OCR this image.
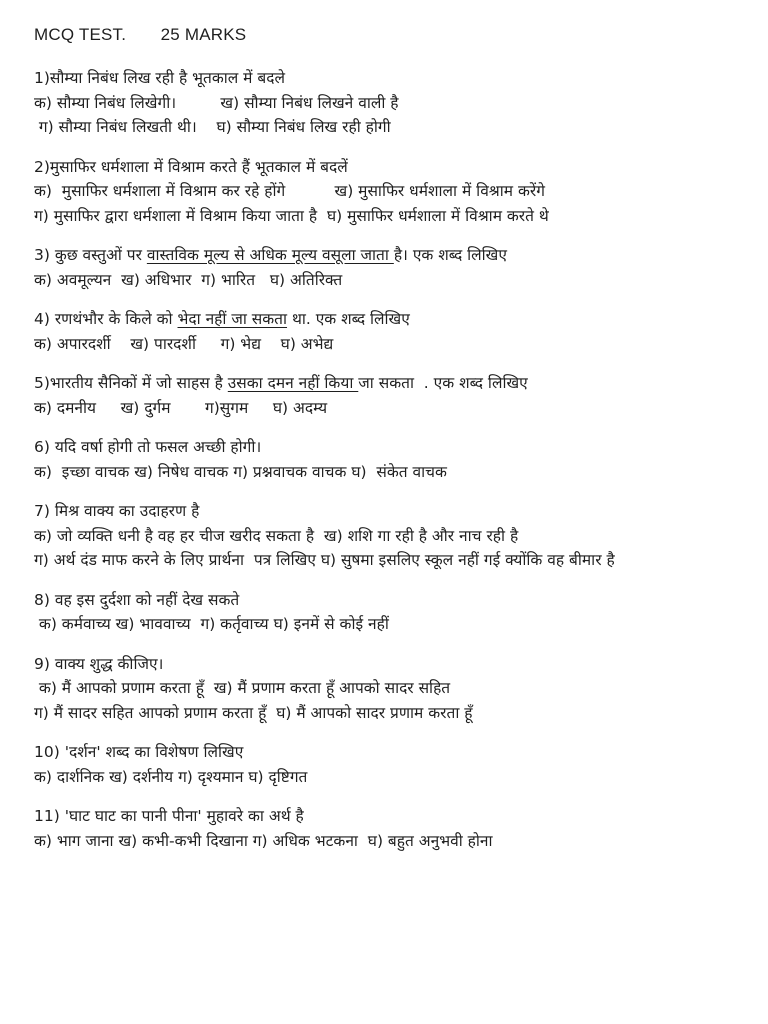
MCQ TEST.       25 MARKS
1)सौम्या निबंध लिख रही है भूतकाल में बदले
क) सौम्या निबंध लिखेगी।         ख) सौम्या निबंध लिखने वाली है
ग) सौम्या निबंध लिखती थी।    घ) सौम्या निबंध लिख रही होगी
2)मुसाफिर धर्मशाला में विश्राम करते हैं भूतकाल में बदलें
क)  मुसाफिर धर्मशाला में विश्राम कर रहे होंगे          ख) मुसाफिर धर्मशाला में विश्राम करेंगे
ग) मुसाफिर द्वारा धर्मशाला में विश्राम किया जाता है  घ) मुसाफिर धर्मशाला में विश्राम करते थे
3) कुछ वस्तुओं पर वास्तविक मूल्य से अधिक मूल्य वसूला जाता है। एक शब्द लिखिए
क) अवमूल्यन  ख) अधिभार  ग) भारित   घ) अतिरिक्त
4) रणथंभौर के किले को भेदा नहीं जा सकता था. एक शब्द लिखिए
क) अपारदर्शी    ख) पारदर्शी     ग) भेद्य    घ) अभेद्य
5)भारतीय सैनिकों में जो साहस है उसका दमन नहीं किया जा सकता  . एक शब्द लिखिए
क) दमनीय     ख) दुर्गम       ग)सुगम     घ) अदम्य
6) यदि वर्षा होगी तो फसल अच्छी होगी।
क)  इच्छा वाचक ख) निषेध वाचक ग) प्रश्नवाचक वाचक घ)  संकेत वाचक
7) मिश्र वाक्य का उदाहरण है
क) जो व्यक्ति धनी है वह हर चीज खरीद सकता है  ख) शशि गा रही है और नाच रही है
ग) अर्थ दंड माफ करने के लिए प्रार्थना  पत्र लिखिए घ) सुषमा इसलिए स्कूल नहीं गई क्योंकि वह बीमार है
8) वह इस दुर्दशा को नहीं देख सकते
क) कर्मवाच्य ख) भाववाच्य  ग) कर्तृवाच्य घ) इनमें से कोई नहीं
9) वाक्य शुद्ध कीजिए।
क) मैं आपको प्रणाम करता हूँ  ख) मैं प्रणाम करता हूँ आपको सादर सहित
ग) मैं सादर सहित आपको प्रणाम करता हूँ  घ) मैं आपको सादर प्रणाम करता हूँ
10) 'दर्शन' शब्द का विशेषण लिखिए
क) दार्शनिक ख) दर्शनीय ग) दृश्यमान घ) दृष्टिगत
11) 'घाट घाट का पानी पीना' मुहावरे का अर्थ है
क) भाग जाना ख) कभी-कभी दिखाना ग) अधिक भटकना  घ) बहुत अनुभवी होना
